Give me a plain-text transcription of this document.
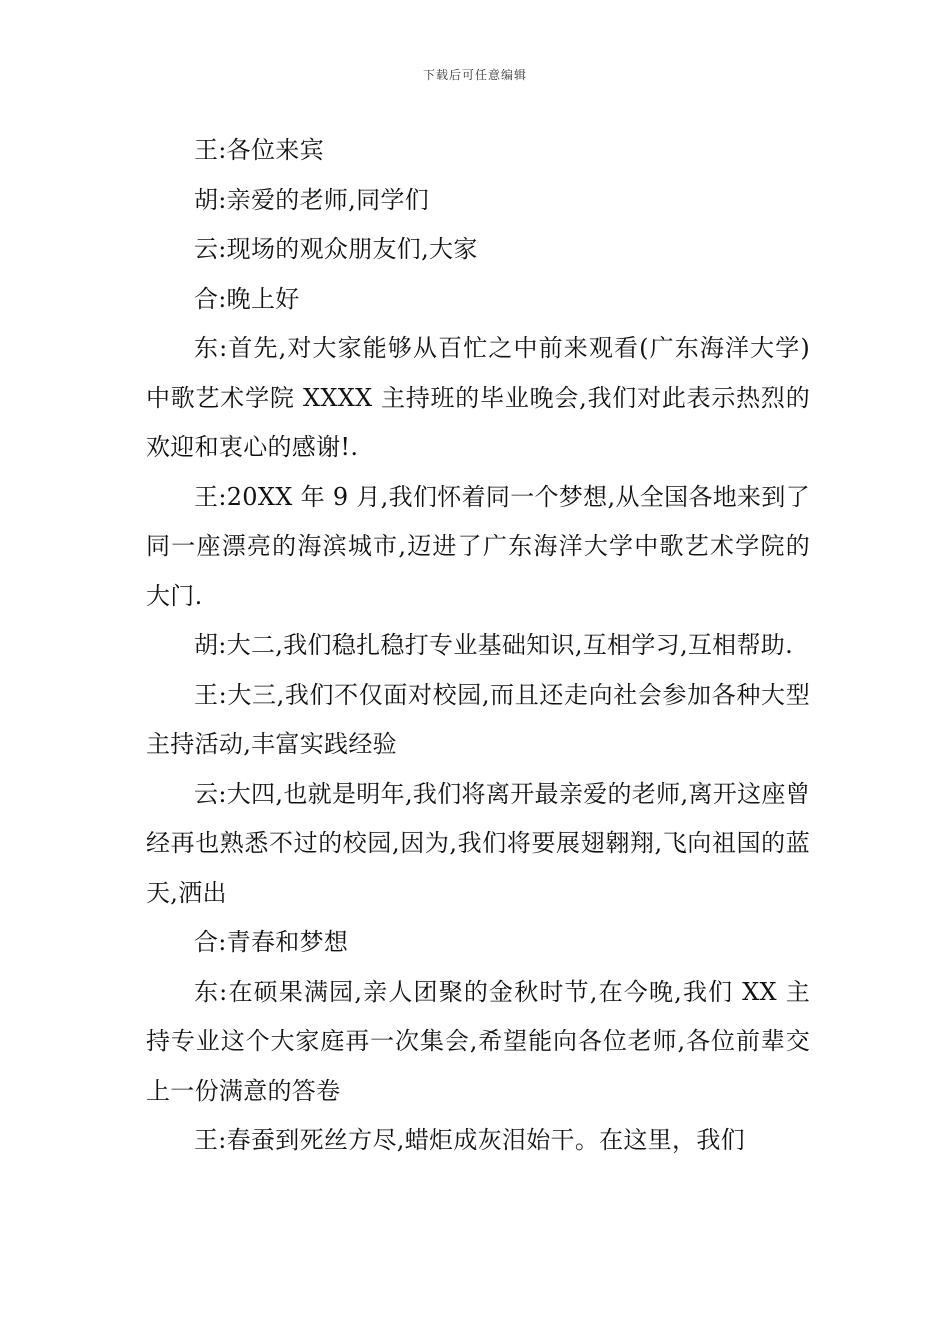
下载后可任意编辑

王:各位来宾

胡:亲爱的老师,同学们

云:现场的观众朋友们,大家

合:晚上好

东:首先,对大家能够从百忙之中前来观看(广东海洋大学)中歌艺术学院 XXXX 主持班的毕业晚会,我们对此表示热烈的欢迎和衷心的感谢!.

王:20XX 年 9 月,我们怀着同一个梦想,从全国各地来到了同一座漂亮的海滨城市,迈进了广东海洋大学中歌艺术学院的大门.

胡:大二,我们稳扎稳打专业基础知识,互相学习,互相帮助.

王:大三,我们不仅面对校园,而且还走向社会参加各种大型主持活动,丰富实践经验

云:大四,也就是明年,我们将离开最亲爱的老师,离开这座曾经再也熟悉不过的校园,因为,我们将要展翅翱翔,飞向祖国的蓝天,洒出

合:青春和梦想

东:在硕果满园,亲人团聚的金秋时节,在今晚,我们 XX 主持专业这个大家庭再一次集会,希望能向各位老师,各位前辈交上一份满意的答卷

王:春蚕到死丝方尽,蜡炬成灰泪始干。在这里，我们
